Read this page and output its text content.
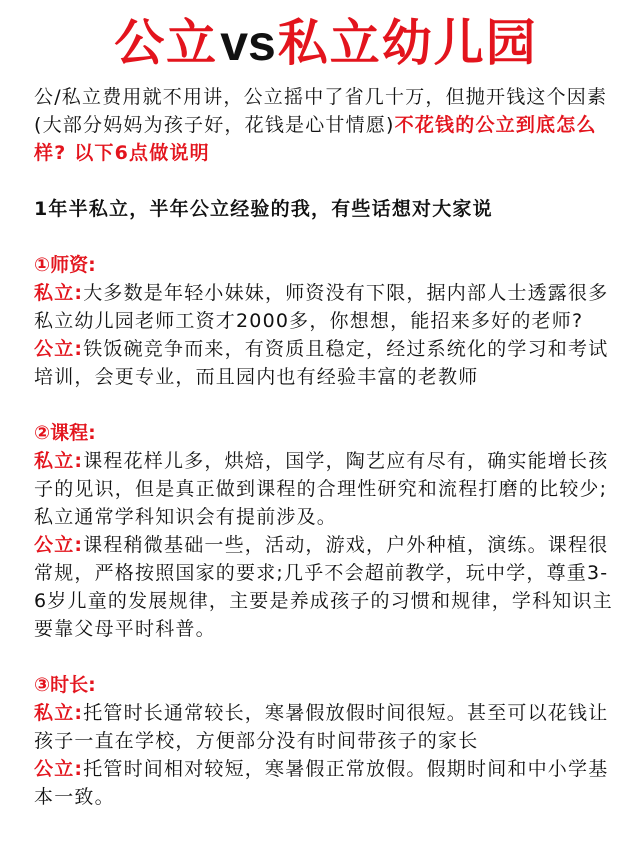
公立vs私立幼儿园

公/私立费用就不用讲，公立摇中了省几十万，但抛开钱这个因素(大部分妈妈为孩子好，花钱是心甘情愿)不花钱的公立到底怎么样? 以下6点做说明

1年半私立，半年公立经验的我，有些话想对大家说

①师资:

私立:大多数是年轻小妹妹，师资没有下限，据内部人士透露很多私立幼儿园老师工资才2000多，你想想，能招来多好的老师?

公立:铁饭碗竞争而来，有资质且稳定，经过系统化的学习和考试培训，会更专业，而且园内也有经验丰富的老教师

②课程:

私立:课程花样儿多，烘焙，国学，陶艺应有尽有，确实能增长孩子的见识，但是真正做到课程的合理性研究和流程打磨的比较少;私立通常学科知识会有提前涉及。

公立:课程稍微基础一些，活动，游戏，户外种植，演练。课程很常规，严格按照国家的要求;几乎不会超前教学，玩中学，尊重3-6岁儿童的发展规律，主要是养成孩子的习惯和规律，学科知识主要靠父母平时科普。

③时长:

私立:托管时长通常较长，寒暑假放假时间很短。甚至可以花钱让孩子一直在学校，方便部分没有时间带孩子的家长

公立:托管时间相对较短，寒暑假正常放假。假期时间和中小学基本一致。
